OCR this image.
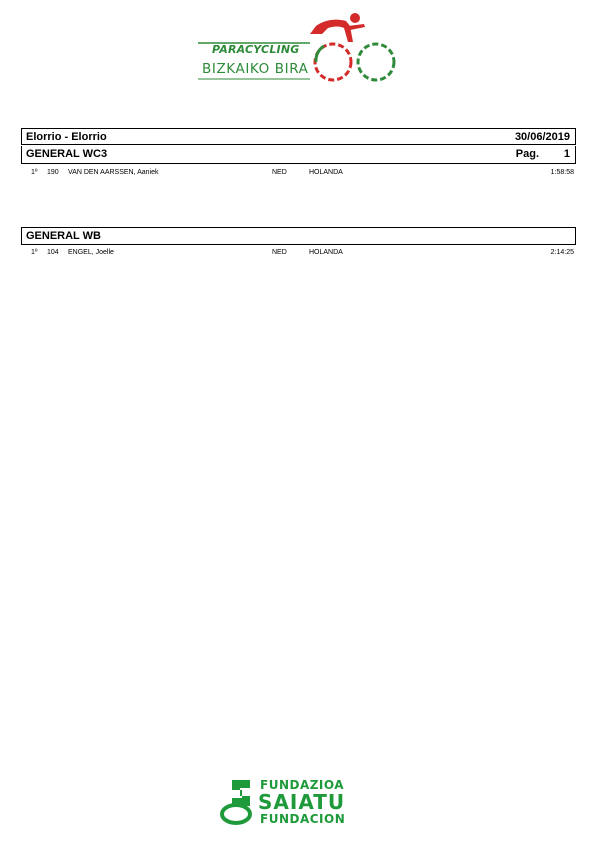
PARACYCLING
BIZKAIKO BIRA
Elorrio - Elorrio	30/06/2019
GENERAL WC3	Pag. 1
1º 190 VAN DEN AARSSEN, Aaniek	NED	HOLANDA	1:58:58
GENERAL WB
1º 104 ENGEL, Joelle	NED	HOLANDA	2:14:25
FUNDAZIOA
SAIATU
FUNDACION
